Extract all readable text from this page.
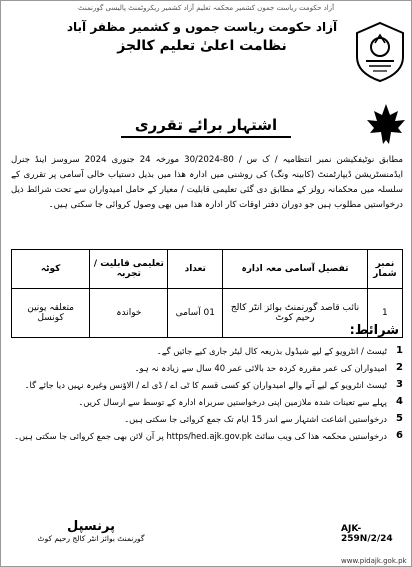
آزاد حکومت ریاست جموں کشمیر محکمہ تعلیم آزاد کشمیر ریکروٹمنٹ پالیسی گورنمنٹ
آزاد حکومت ریاست جموں و کشمیر مظفر آباد
نظامت اعلیٰ تعلیم کالجز
اشتہار برائے تقرری
مطابق نوٹیفکیشن نمبر انتظامیہ / ک س / 80-30/2024 مورخہ 24 جنوری 2024 سروسز اینڈ جنرل ایڈمنسٹریشن ڈیپارٹمنٹ (کابینہ ونگ) کی روشنی میں ادارہ ھذا میں بذیل دستیاب خالی آسامی پر تقرری کے سلسلہ میں محکمانہ رولز کے مطابق دی گئی تعلیمی قابلیت / معیار کے حامل امیدواران سے تحت شرائط ذیل درخواستیں مطلوب ہیں جو دوران دفتر اوقات کار ادارہ ھذا میں بھی وصول کروائی جا سکتی ہیں۔
نمبر شمار	تفصیل آسامی معہ ادارہ	تعداد	تعلیمی قابلیت / تجربہ	کوٹہ
1	نائب قاصد گورنمنٹ بوائز انٹر کالج رحیم کوٹ	01 آسامی	خواندہ	متعلقہ یونین کونسل
شرائط:
1
ٹیسٹ / انٹرویو کے لیے شیڈول بذریعہ کال لیٹر جاری کیے جائیں گے۔
2
امیدواران کی عمر مقررہ کردہ حد بالائی عمر 40 سال سے زیادہ نہ ہو۔
3
ٹیسٹ انٹرویو کے لیے آنے والے امیدواران کو کسی قسم کا ٹی اے / ڈی اے / الاؤنس وغیرہ نہیں دیا جائے گا۔
4
پہلے سے تعینات شدہ ملازمین اپنی درخواستیں سربراہ ادارہ کے توسط سے ارسال کریں۔
5
درخواستیں اشاعت اشتہار سے اندر 15 ایام تک جمع کروائی جا سکتی ہیں۔
6
درخواستیں محکمہ ھذا کی ویب سائٹ https/hed.ajk.gov.pk پر آن لائن بھی جمع کروائی جا سکتی ہیں۔
پرنسپل
گورنمنٹ بوائز انٹر کالج رحیم کوٹ
AJK-259N/2/24
www.pidajk.gok.pk
